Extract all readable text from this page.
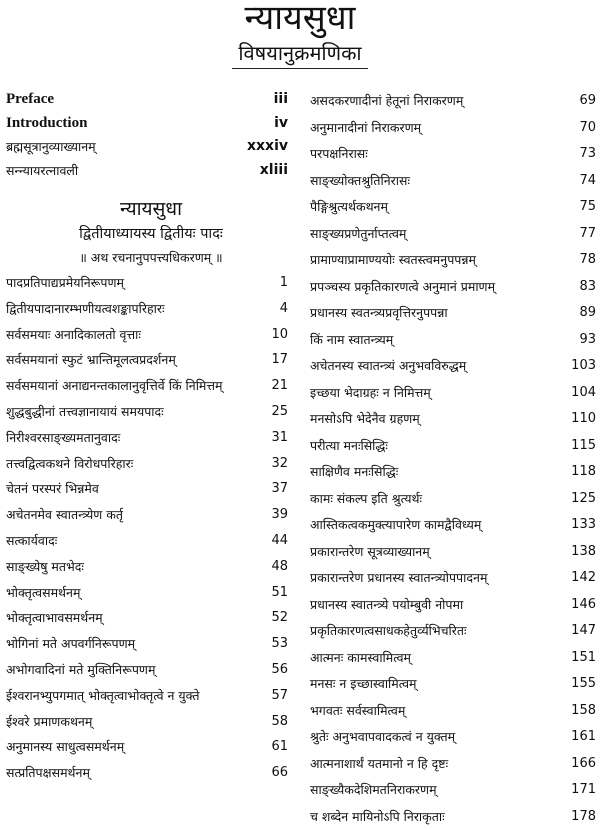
न्यायसुधा
विषयानुक्रमणिका
Preface	iii
Introduction	iv
ब्रह्मसूत्रानुव्याख्यानम्	xxxiv
सन्न्यायरत्नावली	xliii
न्यायसुधा
द्वितीयाध्यायस्य द्वितीयः पादः
॥ अथ रचनानुपपत्त्यधिकरणम् ॥
पादप्रतिपाद्यप्रमेयनिरूपणम्	1
द्वितीयपादानारम्भणीयत्वशङ्कापरिहारः	4
सर्वसमयाः अनादिकालतो वृत्ताः	10
सर्वसमयानां स्फुटं भ्रान्तिमूलत्वप्रदर्शनम्	17
सर्वसमयानां अनाद्यनन्तकालानुवृत्तिर्वे किं निमित्तम्	21
शुद्धबुद्धीनां तत्त्वज्ञानायायं समयपादः	25
निरीश्वरसाङ्ख्यमतानुवादः	31
तत्त्वद्वित्वकथने विरोधपरिहारः	32
चेतनं परस्परं भिन्नमेव	37
अचेतनमेव स्वातन्त्र्येण कर्तृ	39
सत्कार्यवादः	44
साङ्ख्येषु मतभेदः	48
भोक्तृत्वसमर्थनम्	51
भोक्तृत्वाभावसमर्थनम्	52
भोगिनां मते अपवर्गनिरूपणम्	53
अभोगवादिनां मते मुक्तिनिरूपणम्	56
ईश्वरानभ्युपगमात् भोक्तृत्वाभोक्तृत्वे न युक्ते	57
ईश्वरे प्रमाणकथनम्	58
अनुमानस्य साधुत्वसमर्थनम्	61
सत्प्रतिपक्षसमर्थनम्	66
असदकरणादीनां हेतूनां निराकरणम्	69
अनुमानादीनां निराकरणम्	70
परपक्षनिरासः	73
साङ्ख्योक्तश्रुतिनिरासः	74
पैङ्गिश्रुत्यर्थकथनम्	75
साङ्ख्यप्रणेतुर्नाप्तत्वम्	77
प्रामाण्याप्रामाण्ययोः स्वतस्त्वमनुपपन्नम्	78
प्रपञ्चस्य प्रकृतिकारणत्वे अनुमानं प्रमाणम्	83
प्रधानस्य स्वतन्त्र्यप्रवृत्तिरनुपपन्ना	89
किं नाम स्वातन्त्र्यम्	93
अचेतनस्य स्वातन्त्र्यं अनुभवविरुद्धम्	103
इच्छया भेदाग्रहः न निमित्तम्	104
मनसोऽपि भेदेनैव ग्रहणम्	110
परीत्या मनःसिद्धिः	115
साक्षिणैव मनःसिद्धिः	118
कामः संकल्प इति श्रुत्यर्थः	125
आस्तिकत्वकमुक्त्यापारेण कामद्वैविध्यम्	133
प्रकारान्तरेण सूत्रव्याख्यानम्	138
प्रकारान्तरेण प्रधानस्य स्वातन्त्र्योपपादनम्	142
प्रधानस्य स्वातन्त्र्ये पयोम्बुवी नोपमा	146
प्रकृतिकारणत्वसाधकहेतुर्व्यभिचरितः	147
आत्मनः कामस्वामित्वम्	151
मनसः न इच्छास्वामित्वम्	155
भगवतः सर्वस्वामित्वम्	158
श्रुतेः अनुभवापवादकत्वं न युक्तम्	161
आत्मनाशार्थं यतमानो न हि दृष्टः	166
साङ्ख्यैकदेशिमतनिराकरणम्	171
च शब्देन मायिनोऽपि निराकृताः	178
